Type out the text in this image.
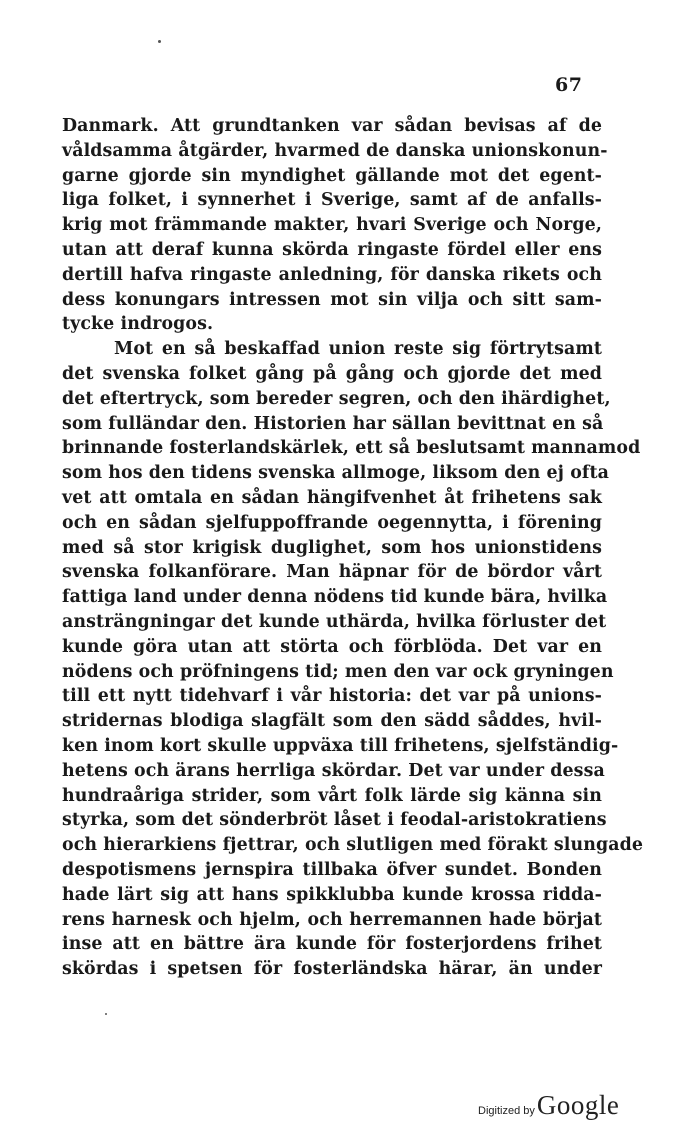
67
Danmark. Att grundtanken var sådan bevisas af de
våldsamma åtgärder, hvarmed de danska unionskonun-
garne gjorde sin myndighet gällande mot det egent-
liga folket, i synnerhet i Sverige, samt af de anfalls-
krig mot främmande makter, hvari Sverige och Norge,
utan att deraf kunna skörda ringaste fördel eller ens
dertill hafva ringaste anledning, för danska rikets och
dess konungars intressen mot sin vilja och sitt sam-
tycke indrogos.
Mot en så beskaffad union reste sig förtrytsamt
det svenska folket gång på gång och gjorde det med
det eftertryck, som bereder segren, och den ihärdighet,
som fulländar den. Historien har sällan bevittnat en så
brinnande fosterlandskärlek, ett så beslutsamt mannamod
som hos den tidens svenska allmoge, liksom den ej ofta
vet att omtala en sådan hängifvenhet åt frihetens sak
och en sådan sjelfuppoffrande oegennytta, i förening
med så stor krigisk duglighet, som hos unionstidens
svenska folkanförare. Man häpnar för de bördor vårt
fattiga land under denna nödens tid kunde bära, hvilka
ansträngningar det kunde uthärda, hvilka förluster det
kunde göra utan att störta och förblöda. Det var en
nödens och pröfningens tid; men den var ock gryningen
till ett nytt tidehvarf i vår historia: det var på unions-
stridernas blodiga slagfält som den sädd såddes, hvil-
ken inom kort skulle uppväxa till frihetens, sjelfständig-
hetens och ärans herrliga skördar. Det var under dessa
hundraåriga strider, som vårt folk lärde sig känna sin
styrka, som det sönderbröt låset i feodal-aristokratiens
och hierarkiens fjettrar, och slutligen med förakt slungade
despotismens jernspira tillbaka öfver sundet. Bonden
hade lärt sig att hans spikklubba kunde krossa ridda-
rens harnesk och hjelm, och herremannen hade börjat
inse att en bättre ära kunde för fosterjordens frihet
skördas i spetsen för fosterländska härar, än under
Digitized by Google
